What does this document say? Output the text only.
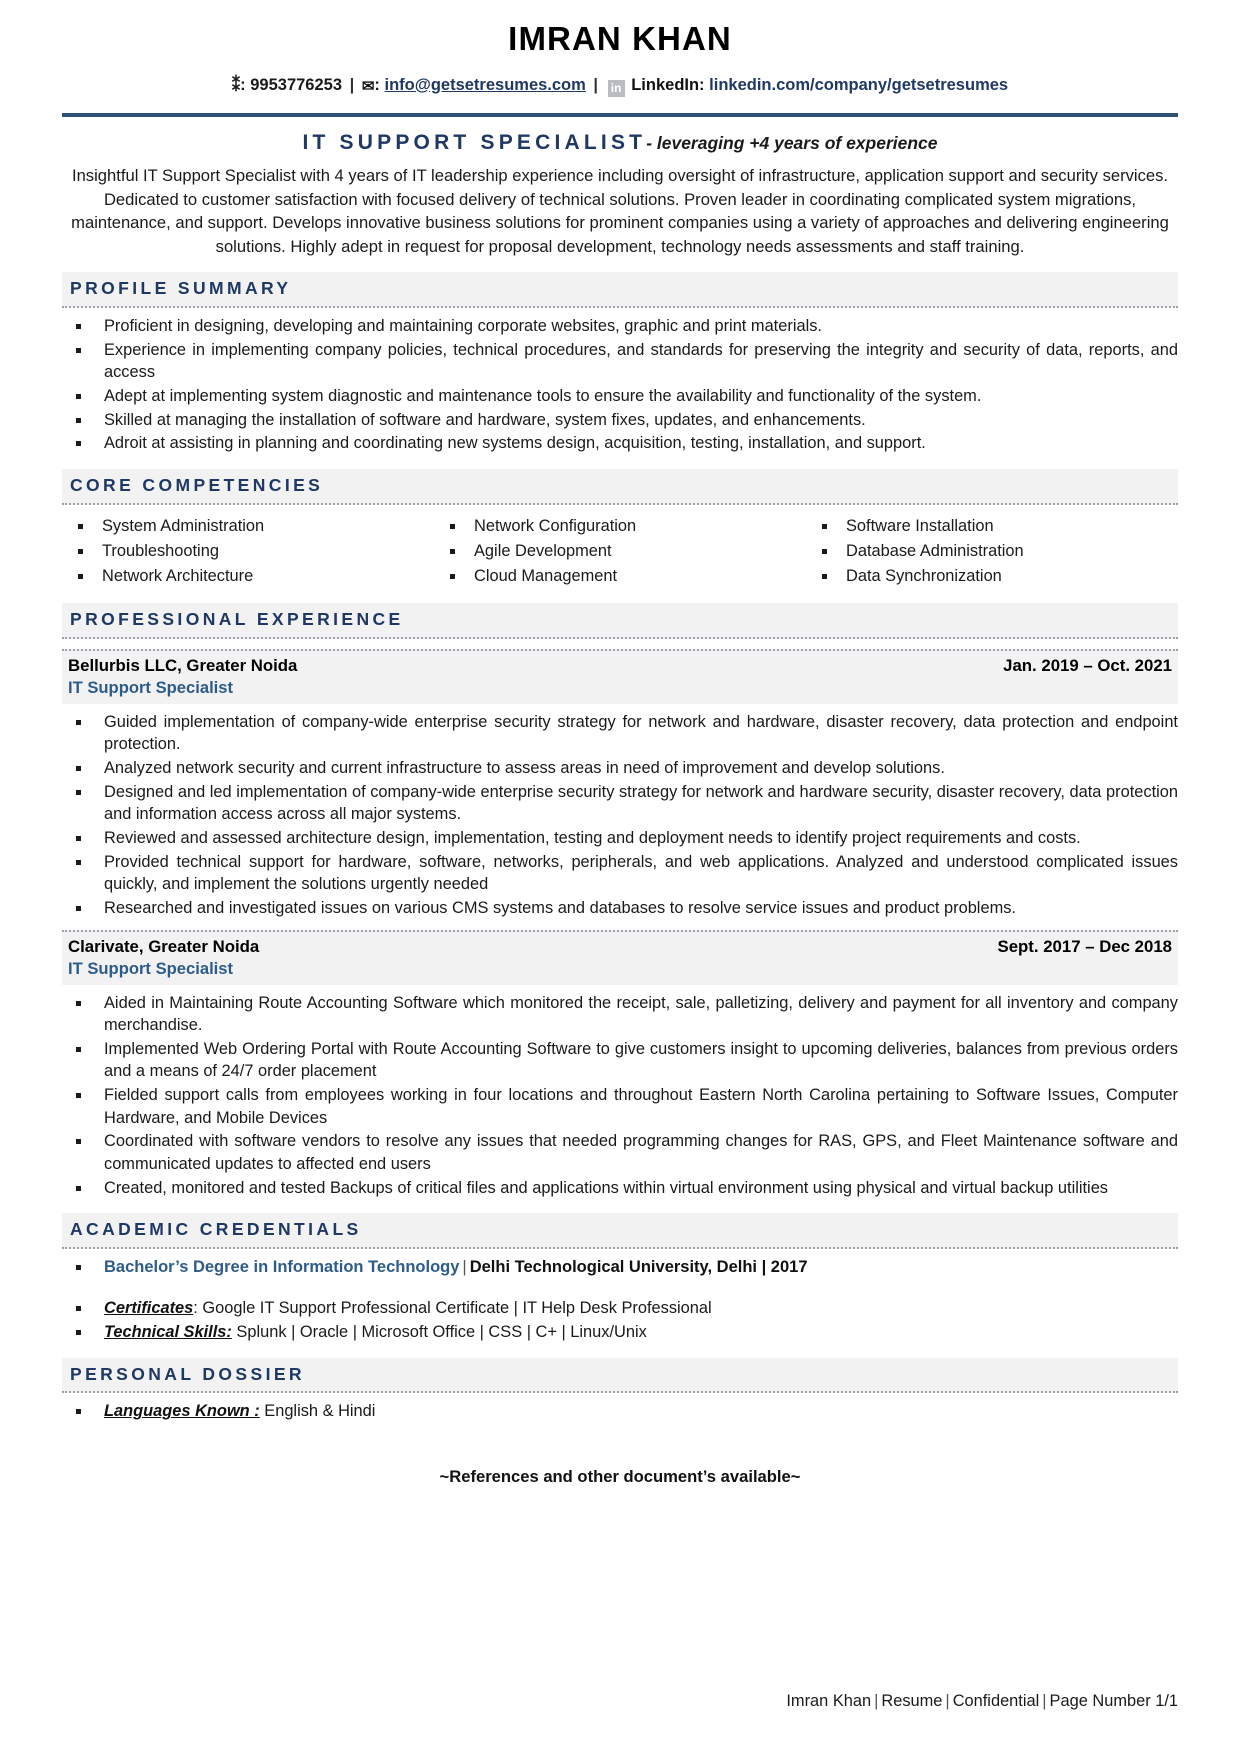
IMRAN KHAN
⁑: 9953776253 | ✉: info@getsetresumes.com | in LinkedIn: linkedin.com/company/getsetresumes
IT SUPPORT SPECIALIST- leveraging +4 years of experience
Insightful IT Support Specialist with 4 years of IT leadership experience including oversight of infrastructure, application support and security services. Dedicated to customer satisfaction with focused delivery of technical solutions. Proven leader in coordinating complicated system migrations, maintenance, and support. Develops innovative business solutions for prominent companies using a variety of approaches and delivering engineering solutions. Highly adept in request for proposal development, technology needs assessments and staff training.
PROFILE SUMMARY
Proficient in designing, developing and maintaining corporate websites, graphic and print materials.
Experience in implementing company policies, technical procedures, and standards for preserving the integrity and security of data, reports, and access
Adept at implementing system diagnostic and maintenance tools to ensure the availability and functionality of the system.
Skilled at managing the installation of software and hardware, system fixes, updates, and enhancements.
Adroit at assisting in planning and coordinating new systems design, acquisition, testing, installation, and support.
CORE COMPETENCIES
System Administration	Network Configuration	Software Installation
Troubleshooting	Agile Development	Database Administration
Network Architecture	Cloud Management	Data Synchronization
PROFESSIONAL EXPERIENCE
Bellurbis LLC, Greater Noida	Jan. 2019 – Oct. 2021
IT Support Specialist
Guided implementation of company-wide enterprise security strategy for network and hardware, disaster recovery, data protection and endpoint protection.
Analyzed network security and current infrastructure to assess areas in need of improvement and develop solutions.
Designed and led implementation of company-wide enterprise security strategy for network and hardware security, disaster recovery, data protection and information access across all major systems.
Reviewed and assessed architecture design, implementation, testing and deployment needs to identify project requirements and costs.
Provided technical support for hardware, software, networks, peripherals, and web applications. Analyzed and understood complicated issues quickly, and implement the solutions urgently needed
Researched and investigated issues on various CMS systems and databases to resolve service issues and product problems.
Clarivate, Greater Noida	Sept. 2017 – Dec 2018
IT Support Specialist
Aided in Maintaining Route Accounting Software which monitored the receipt, sale, palletizing, delivery and payment for all inventory and company merchandise.
Implemented Web Ordering Portal with Route Accounting Software to give customers insight to upcoming deliveries, balances from previous orders and a means of 24/7 order placement
Fielded support calls from employees working in four locations and throughout Eastern North Carolina pertaining to Software Issues, Computer Hardware, and Mobile Devices
Coordinated with software vendors to resolve any issues that needed programming changes for RAS, GPS, and Fleet Maintenance software and communicated updates to affected end users
Created, monitored and tested Backups of critical files and applications within virtual environment using physical and virtual backup utilities
ACADEMIC CREDENTIALS
Bachelor’s Degree in Information Technology | Delhi Technological University, Delhi | 2017
Certificates: Google IT Support Professional Certificate | IT Help Desk Professional
Technical Skills: Splunk | Oracle | Microsoft Office | CSS | C+ | Linux/Unix
PERSONAL DOSSIER
Languages Known : English & Hindi
~References and other document’s available~
Imran Khan | Resume | Confidential | Page Number 1/1
